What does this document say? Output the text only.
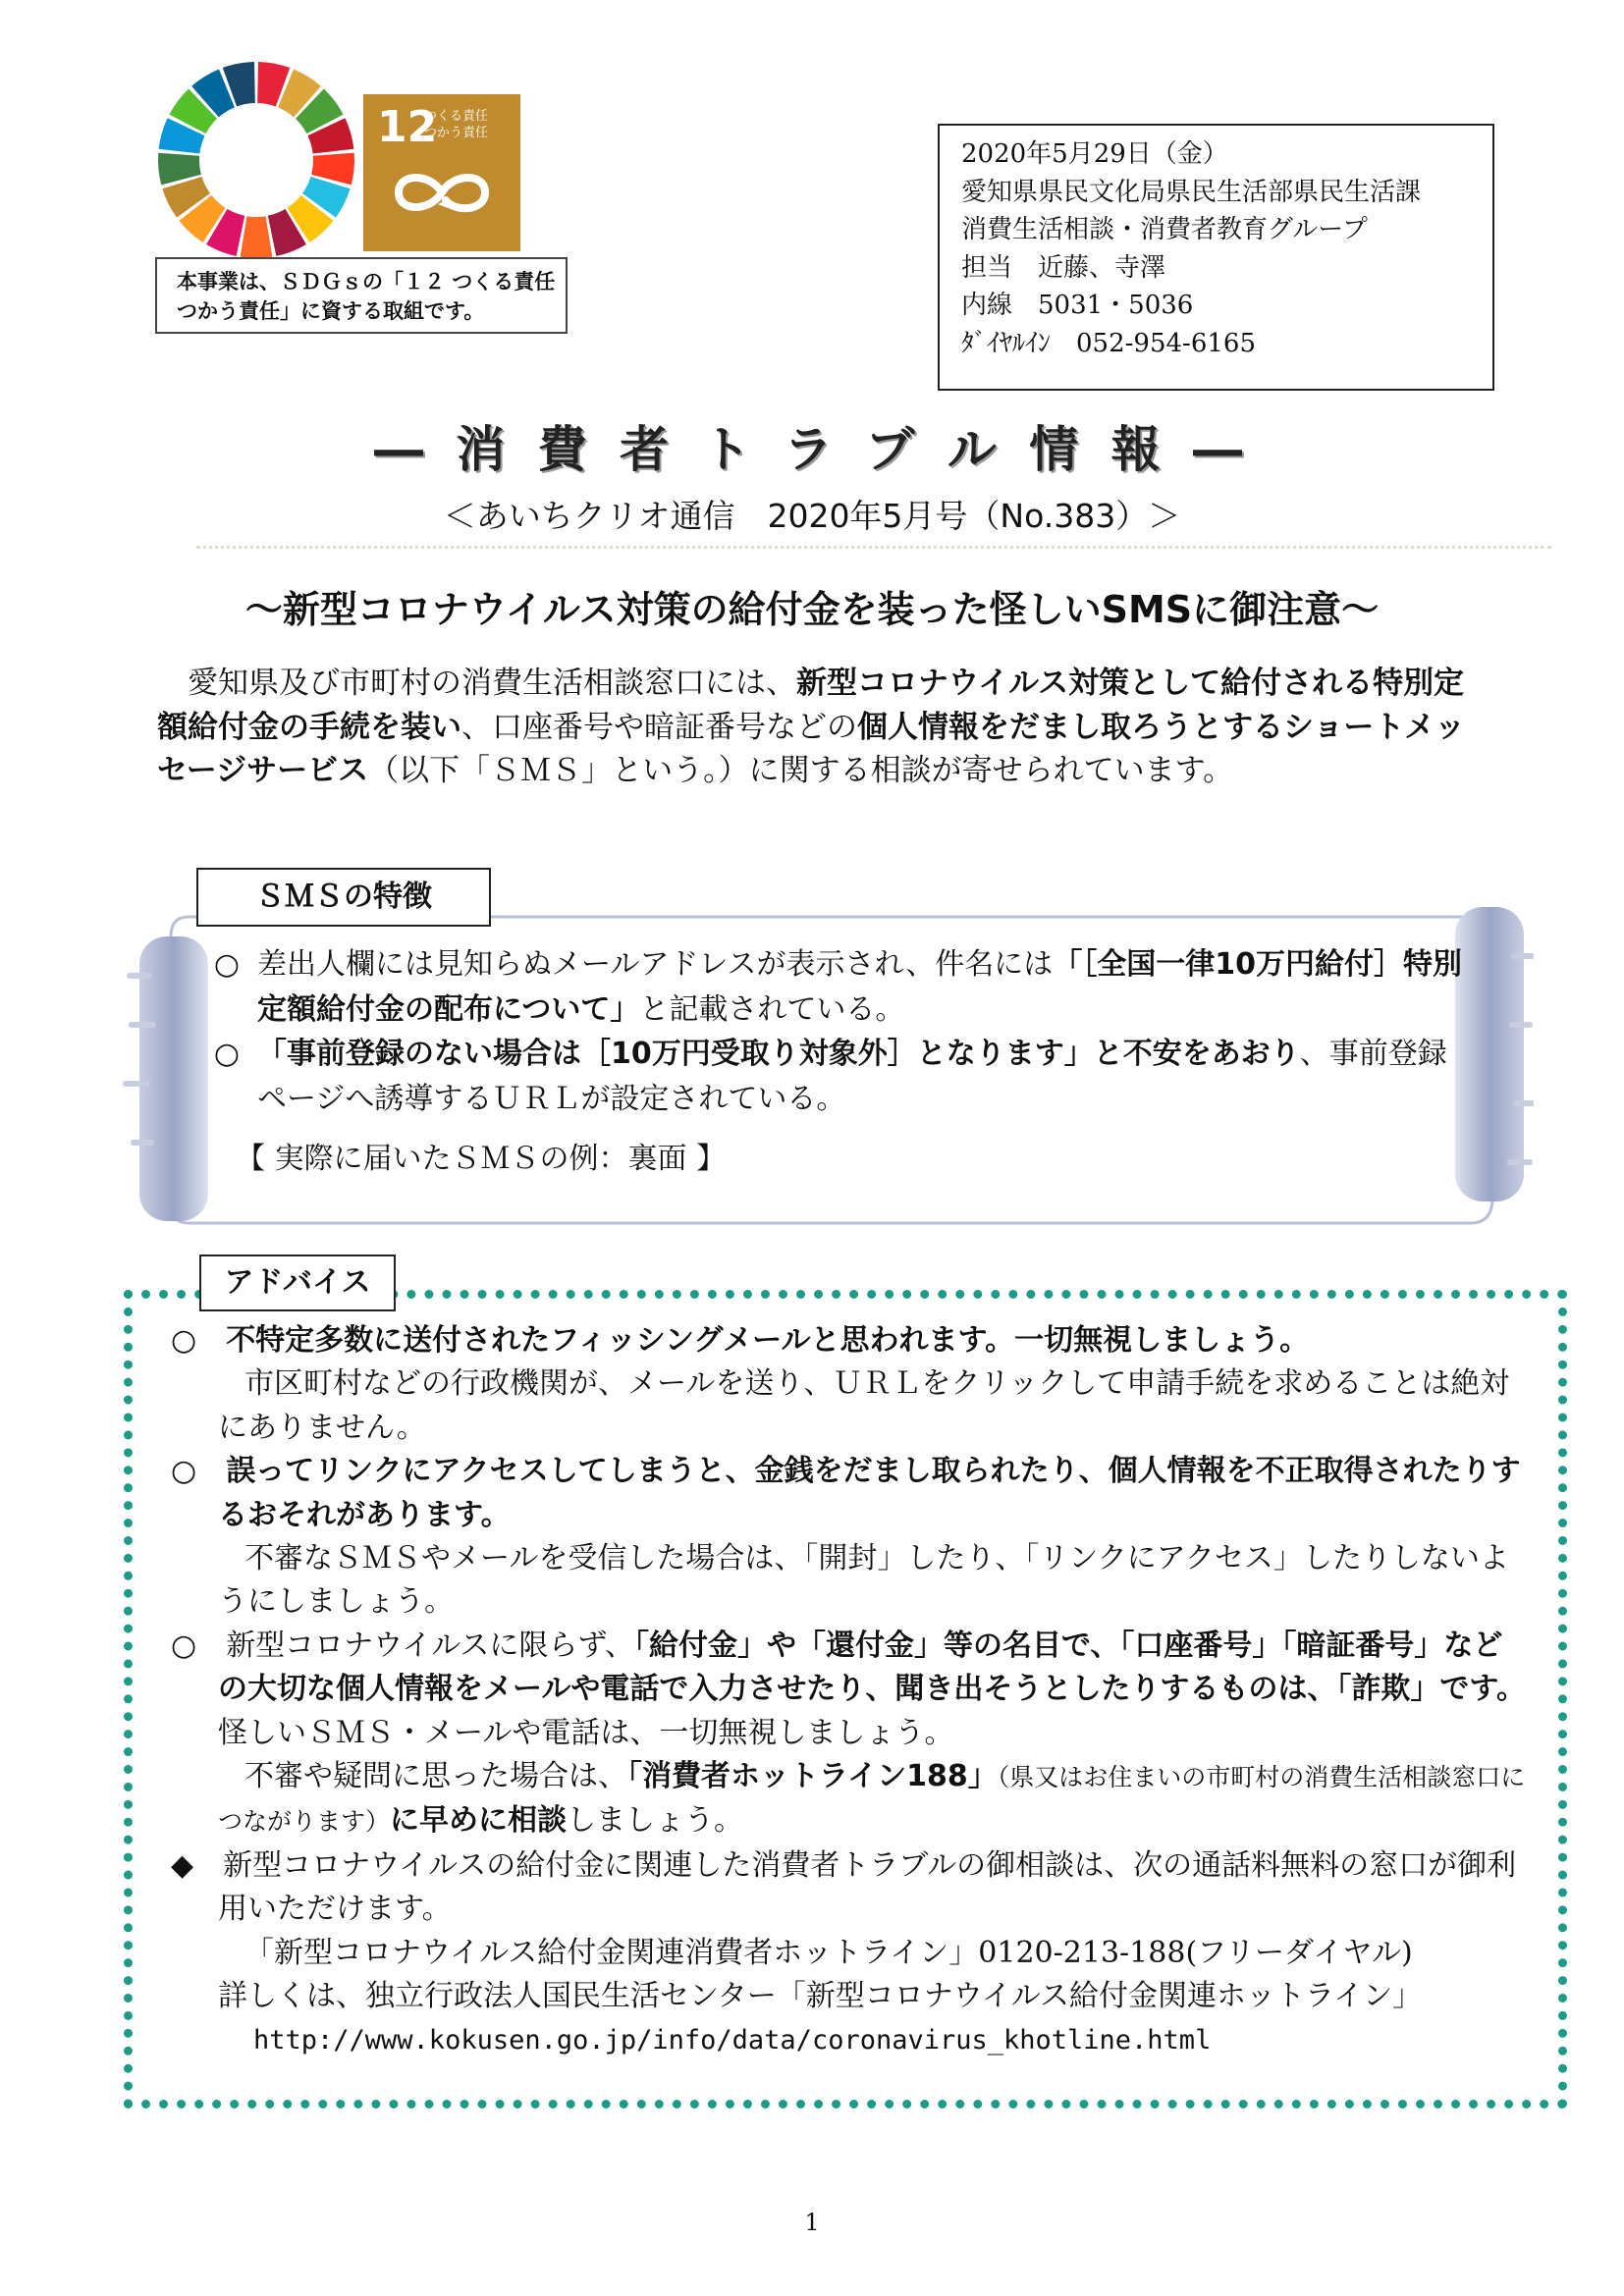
12
つくる責任
つかう責任
本事業は、ＳＤＧｓの「１２ つくる責任
つかう責任」に資する取組です。
2020年5月29日（金）
愛知県県民文化局県民生活部県民生活課
消費生活相談・消費者教育グループ
担当　近藤、寺澤
内線　5031・5036
ﾀﾞｲﾔﾙｲﾝ　052-954-6165
― 消 費 者 ト ラ ブ ル 情 報 ―
＜あいちクリオ通信　2020年5月号（No.383）＞
～新型コロナウイルス対策の給付金を装った怪しいSMSに御注意～

愛知県及び市町村の消費生活相談窓口には、新型コロナウイルス対策として給付される特別定額給付金の手続を装い、口座番号や暗証番号などの個人情報をだまし取ろうとするショートメッセージサービス（以下「ＳＭＳ」という。）に関する相談が寄せられています。

ＳＭＳの特徴
○ 差出人欄には見知らぬメールアドレスが表示され、件名には「［全国一律10万円給付］特別定額給付金の配布について」と記載されている。
○ 「事前登録のない場合は［10万円受取り対象外］となります」と不安をあおり、事前登録ページへ誘導するＵＲＬが設定されている。
【 実際に届いたＳＭＳの例：裏面 】
アドバイス

○　 不特定多数に送付されたフィッシングメールと思われます。一切無視しましょう。

市区町村などの行政機関が、メールを送り、ＵＲＬをクリックして申請手続を求めることは絶対にありません。

○　 誤ってリンクにアクセスしてしまうと、金銭をだまし取られたり、個人情報を不正取得されたりするおそれがあります。

不審なＳＭＳやメールを受信した場合は、「開封」したり、「リンクにアクセス」したりしないようにしましょう。

○　 新型コロナウイルスに限らず、「給付金」や「還付金」等の名目で、「口座番号」「暗証番号」などの大切な個人情報をメールや電話で入力させたり、聞き出そうとしたりするものは、「詐欺」です。怪しいＳＭＳ・メールや電話は、一切無視しましょう。

不審や疑問に思った場合は、「消費者ホットライン188」（県又はお住まいの市町村の消費生活相談窓口につながります）に早めに相談しましょう。

◆　 新型コロナウイルスの給付金に関連した消費者トラブルの御相談は、次の通話料無料の窓口が御利用いただけます。

「新型コロナウイルス給付金関連消費者ホットライン」0120-213-188(フリーダイヤル)

詳しくは、独立行政法人国民生活センター「新型コロナウイルス給付金関連ホットライン」

http://www.kokusen.go.jp/info/data/coronavirus_khotline.html

1
